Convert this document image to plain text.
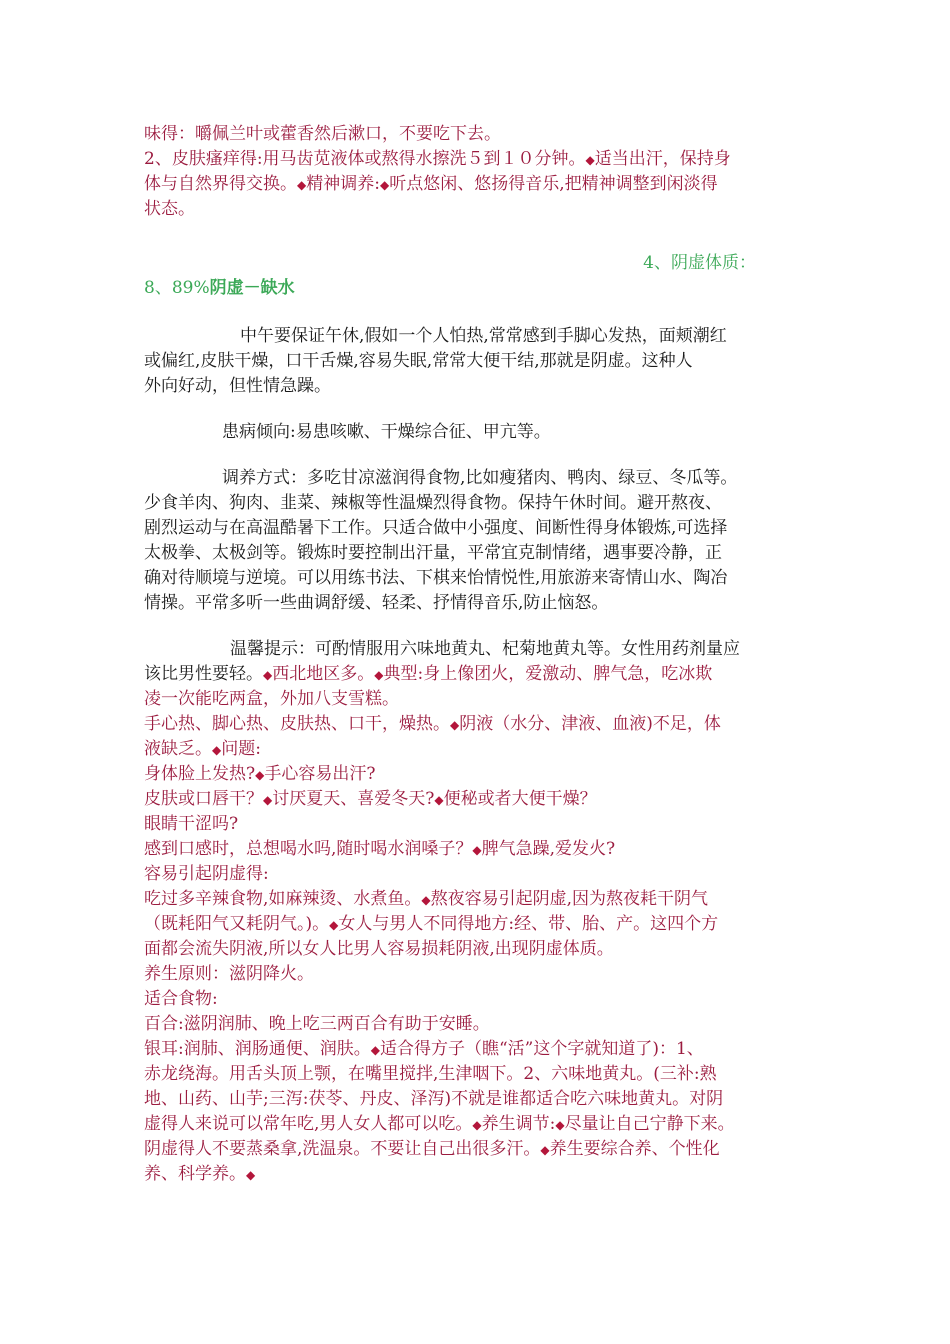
味得：嚼佩兰叶或藿香然后漱口，不要吃下去。

2、皮肤瘙痒得:用马齿苋液体或熬得水擦洗５到１０分钟。◆适当出汗，保持身

体与自然界得交换。◆精神调养:◆听点悠闲、悠扬得音乐,把精神调整到闲淡得

状态。

4、阴虚体质：

8、89%阴虚－缺水

中午要保证午休,假如一个人怕热,常常感到手脚心发热，面颊潮红

或偏红,皮肤干燥，口干舌燥,容易失眠,常常大便干结,那就是阴虚。这种人

外向好动，但性情急躁。

患病倾向:易患咳嗽、干燥综合征、甲亢等。

调养方式：多吃甘凉滋润得食物,比如瘦猪肉、鸭肉、绿豆、冬瓜等。

少食羊肉、狗肉、韭菜、辣椒等性温燥烈得食物。保持午休时间。避开熬夜、

剧烈运动与在高温酷暑下工作。只适合做中小强度、间断性得身体锻炼,可选择

太极拳、太极剑等。锻炼时要控制出汗量，平常宜克制情绪，遇事要冷静，正

确对待顺境与逆境。可以用练书法、下棋来怡情悦性,用旅游来寄情山水、陶冶

情操。平常多听一些曲调舒缓、轻柔、抒情得音乐,防止恼怒。

温馨提示：可酌情服用六味地黄丸、杞菊地黄丸等。女性用药剂量应

该比男性要轻。◆西北地区多。◆典型:身上像团火，爱激动、脾气急，吃冰欺

凌一次能吃两盒，外加八支雪糕。

手心热、脚心热、皮肤热、口干，燥热。◆阴液（水分、津液、血液)不足，体

液缺乏。◆问题:

身体脸上发热?◆手心容易出汗?

皮肤或口唇干？◆讨厌夏天、喜爱冬天?◆便秘或者大便干燥？

眼睛干涩吗?

感到口感时，总想喝水吗,随时喝水润嗓子？◆脾气急躁,爱发火?

容易引起阴虚得:

吃过多辛辣食物,如麻辣烫、水煮鱼。◆熬夜容易引起阴虚,因为熬夜耗干阴气

（既耗阳气又耗阴气。)。◆女人与男人不同得地方:经、带、胎、产。这四个方

面都会流失阴液,所以女人比男人容易损耗阴液,出现阴虚体质。

养生原则：滋阴降火。

适合食物:

百合:滋阴润肺、晚上吃三两百合有助于安睡。

银耳:润肺、润肠通便、润肤。◆适合得方子（瞧“活”这个字就知道了)：1、

赤龙绕海。用舌头顶上颚，在嘴里搅拌,生津咽下。2、六味地黄丸。(三补:熟

地、山药、山芋;三泻:茯苓、丹皮、泽泻)不就是谁都适合吃六味地黄丸。对阴

虚得人来说可以常年吃,男人女人都可以吃。◆养生调节:◆尽量让自己宁静下来。

阴虚得人不要蒸桑拿,洗温泉。不要让自己出很多汗。◆养生要综合养、个性化

养、科学养。◆
